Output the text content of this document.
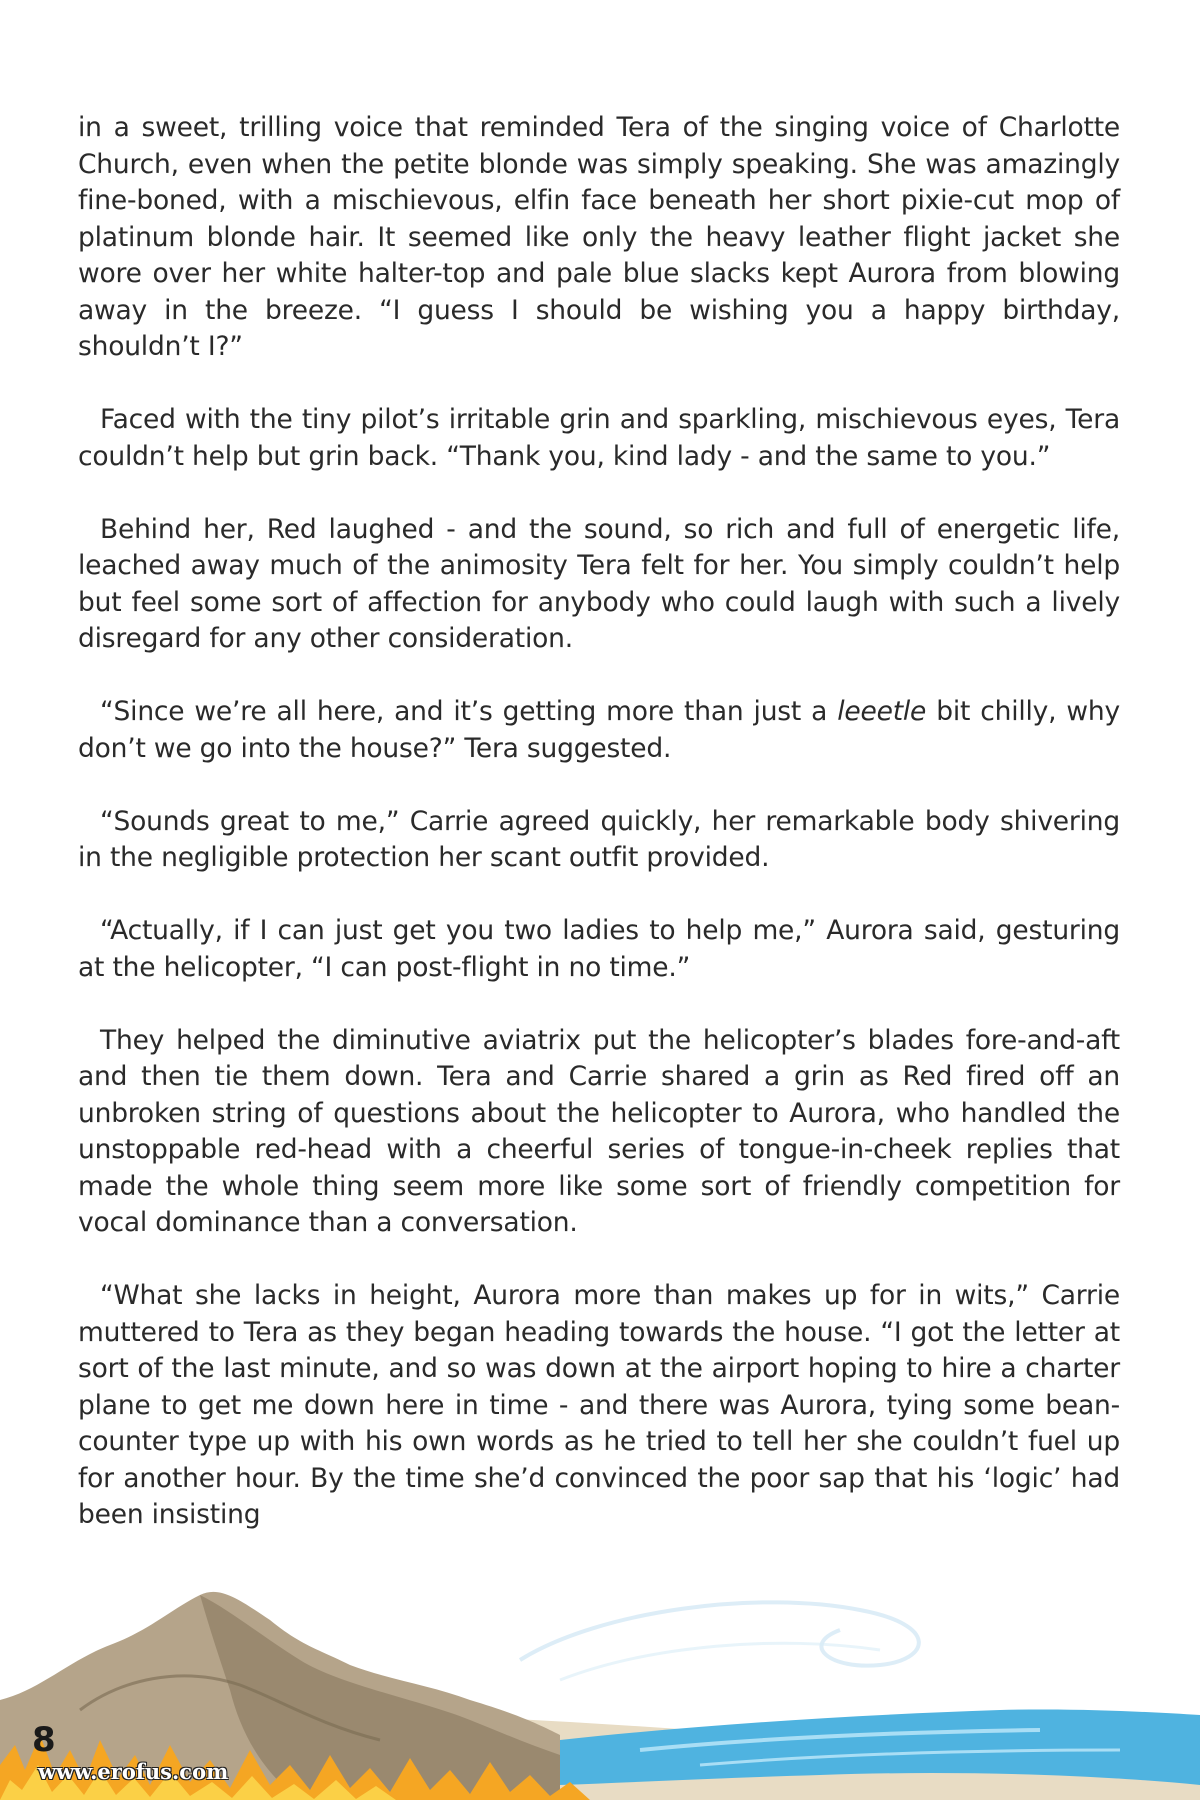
in a sweet, trilling voice that reminded Tera of the singing voice of Charlotte Church, even when the petite blonde was simply speaking. She was amazingly fine-boned, with a mischievous, elfin face beneath her short pixie-cut mop of platinum blonde hair. It seemed like only the heavy leather flight jacket she wore over her white halter-top and pale blue slacks kept Aurora from blowing away in the breeze. “I guess I should be wishing you a happy birthday, shouldn’t I?”

Faced with the tiny pilot’s irritable grin and sparkling, mischievous eyes, Tera couldn’t help but grin back. “Thank you, kind lady - and the same to you.”

Behind her, Red laughed - and the sound, so rich and full of energetic life, leached away much of the animosity Tera felt for her. You simply couldn’t help but feel some sort of affection for anybody who could laugh with such a lively disregard for any other consideration.

“Since we’re all here, and it’s getting more than just a leeetle bit chilly, why don’t we go into the house?” Tera suggested.

“Sounds great to me,” Carrie agreed quickly, her remarkable body shivering in the negligible protection her scant outfit provided.

“Actually, if I can just get you two ladies to help me,” Aurora said, gesturing at the helicopter, “I can post-flight in no time.”

They helped the diminutive aviatrix put the helicopter’s blades fore-and-aft and then tie them down. Tera and Carrie shared a grin as Red fired off an unbroken string of questions about the helicopter to Aurora, who handled the unstoppable red-head with a cheerful series of tongue-in-cheek replies that made the whole thing seem more like some sort of friendly competition for vocal dominance than a conversation.

“What she lacks in height, Aurora more than makes up for in wits,” Carrie muttered to Tera as they began heading towards the house. “I got the letter at sort of the last minute, and so was down at the airport hoping to hire a charter plane to get me down here in time - and there was Aurora, tying some bean-counter type up with his own words as he tried to tell her she couldn’t fuel up for another hour. By the time she’d convinced the poor sap that his ‘logic’ had been insisting

8
www.erofus.com
